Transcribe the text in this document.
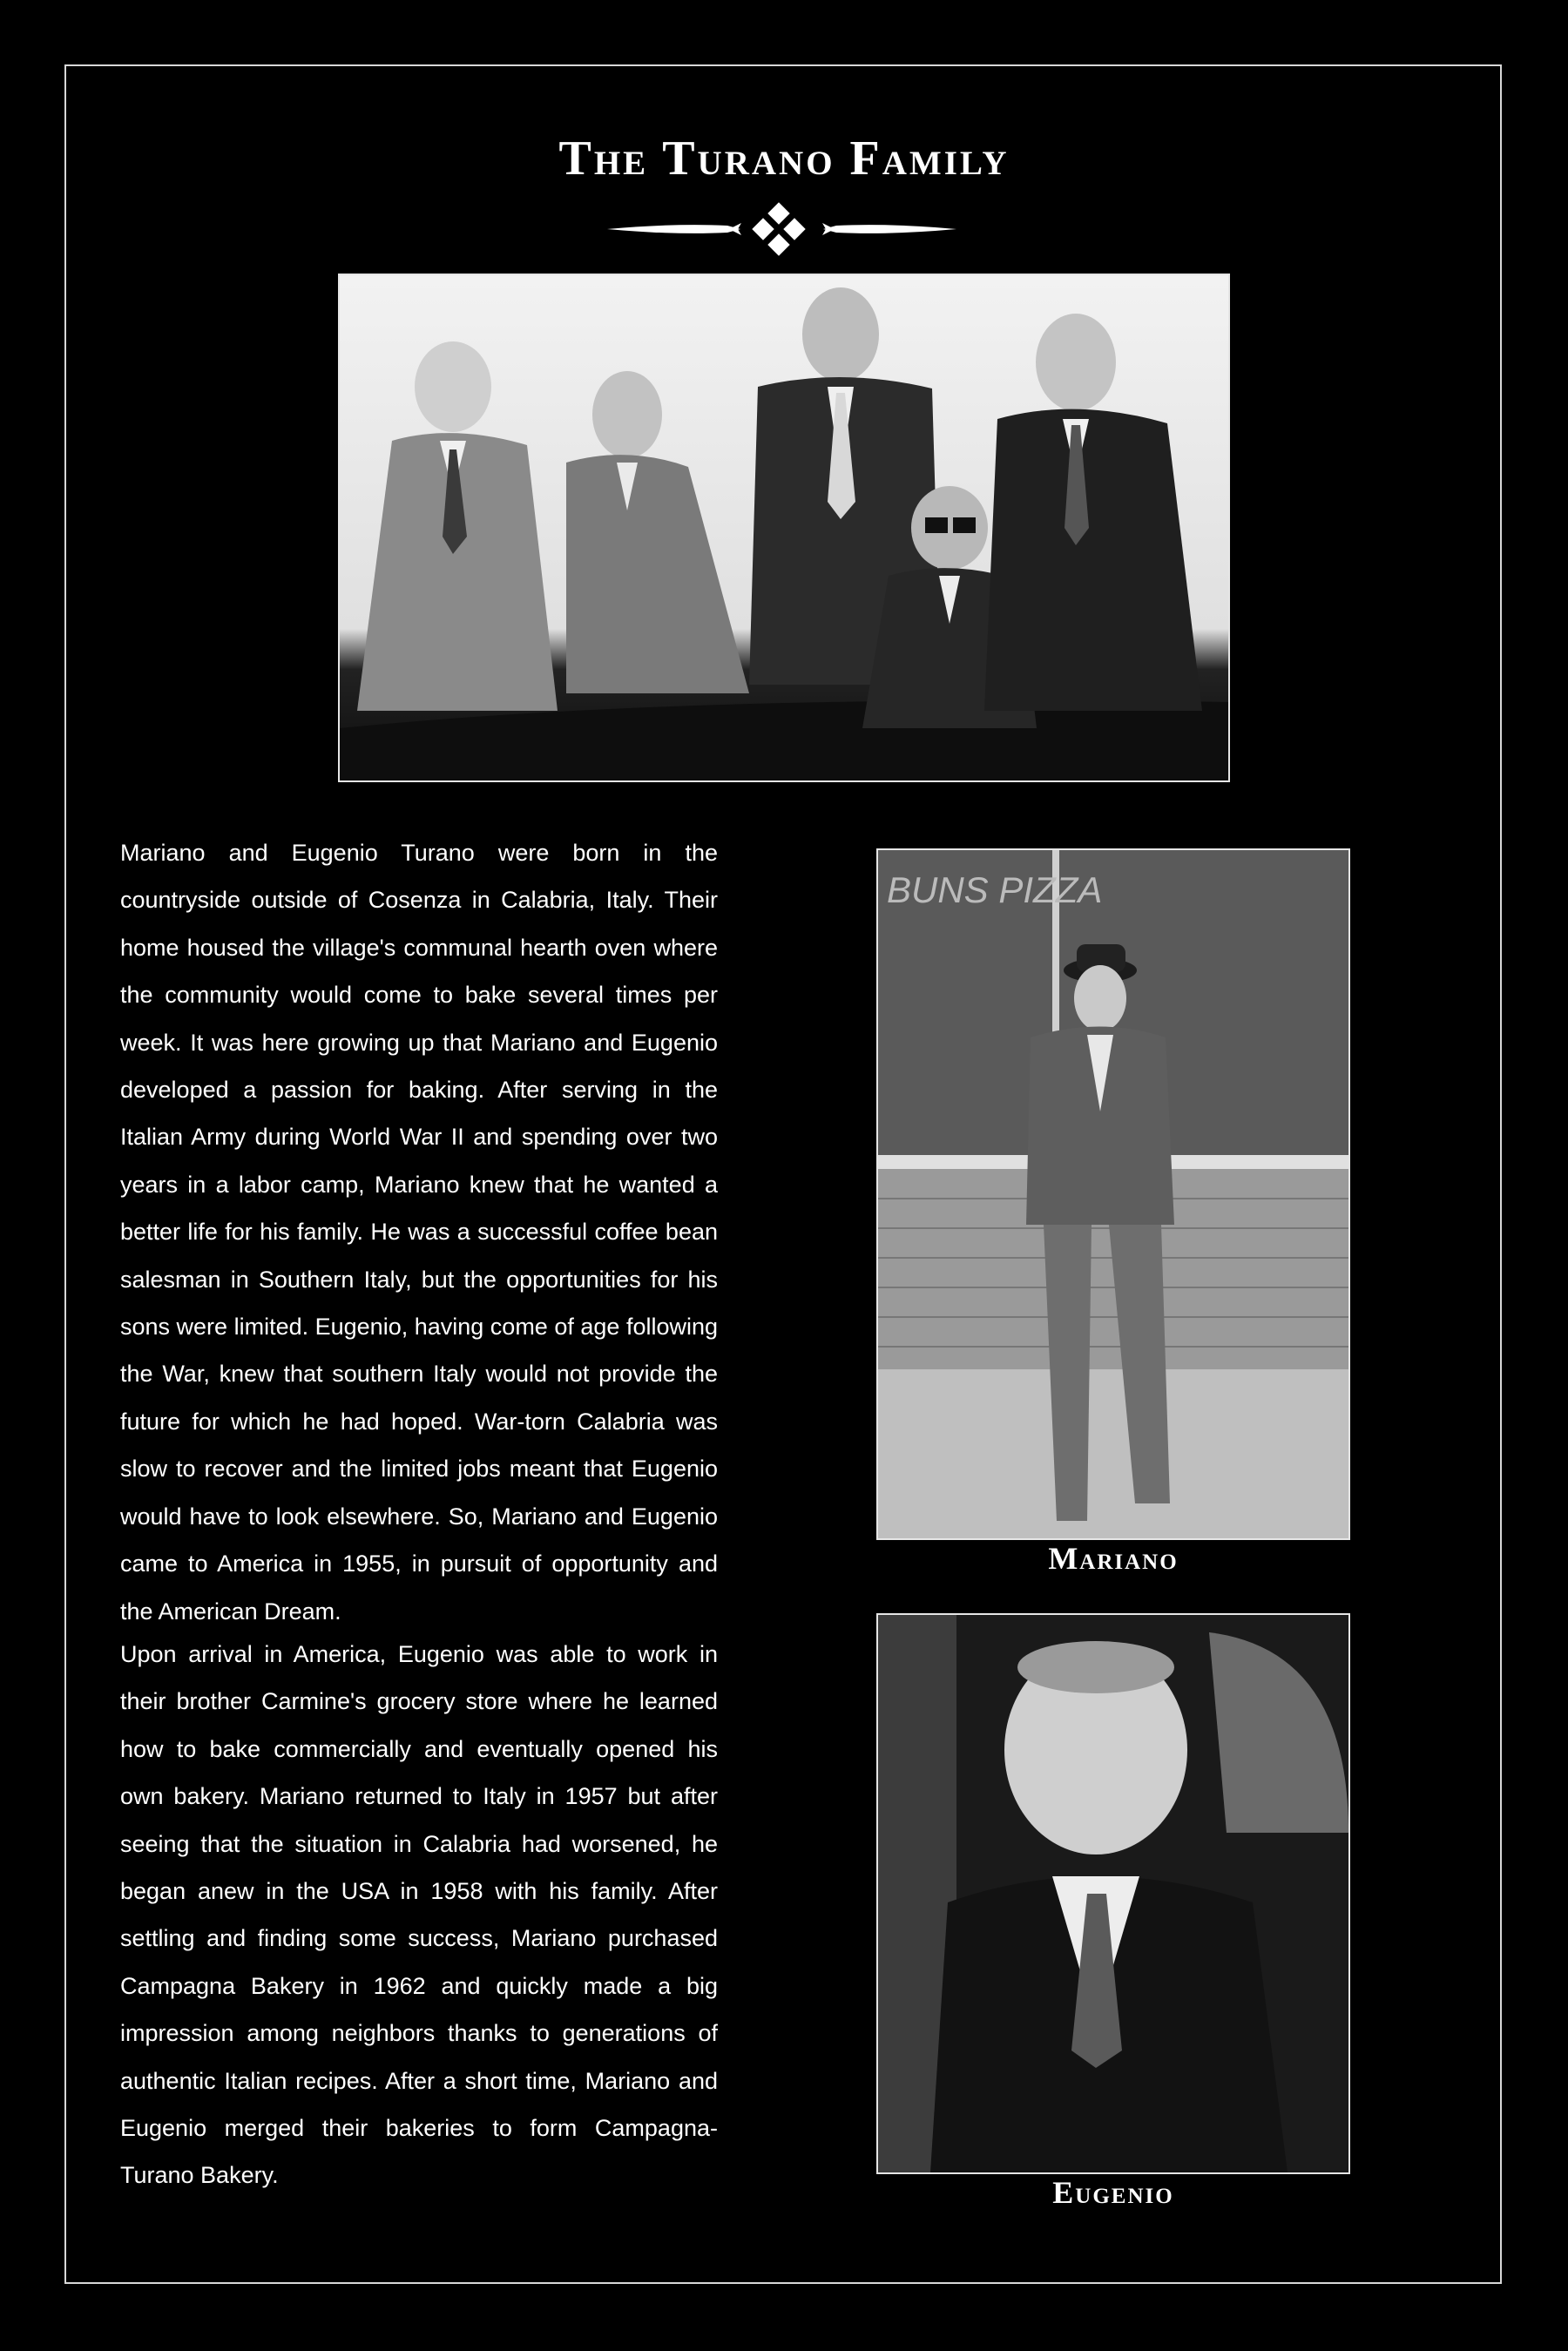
The Turano Family

Mariano and Eugenio Turano were born in the countryside outside of Cosenza in Calabria, Italy. Their home housed the village's communal hearth oven where the community would come to bake several times per week. It was here growing up that Mariano and Eugenio developed a passion for baking. After serving in the Italian Army during World War II and spending over two years in a labor camp, Mariano knew that he wanted a better life for his family. He was a successful coffee bean salesman in Southern Italy, but the opportunities for his sons were limited. Eugenio, having come of age following the War, knew that southern Italy would not provide the future for which he had hoped. War-torn Calabria was slow to recover and the limited jobs meant that Eugenio would have to look elsewhere. So, Mariano and Eugenio came to America in 1955, in pursuit of opportunity and the American Dream.

BUNS PIZZA

Mariano

Upon arrival in America, Eugenio was able to work in their brother Carmine's grocery store where he learned how to bake commercially and eventually opened his own bakery. Mariano returned to Italy in 1957 but after seeing that the situation in Calabria had worsened, he began anew in the USA in 1958 with his family. After settling and finding some success, Mariano purchased Campagna Bakery in 1962 and quickly made a big impression among neighbors thanks to generations of authentic Italian recipes. After a short time, Mariano and Eugenio merged their bakeries to form Campagna-Turano Bakery.	Eugenio
